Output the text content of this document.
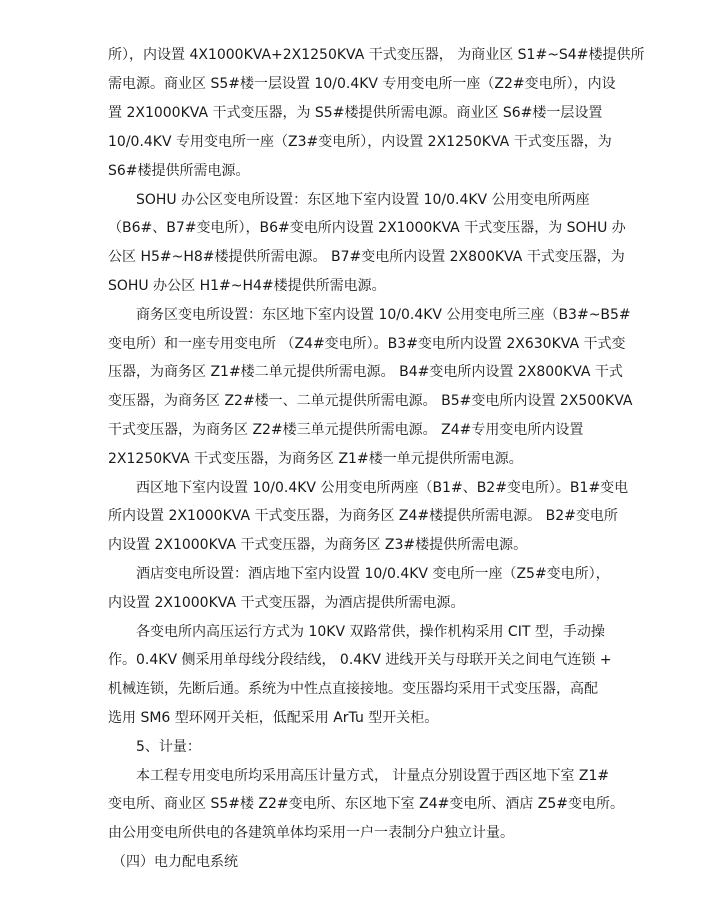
所），内设置 4X1000KVA+2X1250KVA 干式变压器， 为商业区 S1#~S4#楼提供所
需电源。商业区 S5#楼一层设置 10/0.4KV 专用变电所一座（Z2#变电所），内设
置 2X1000KVA 干式变压器，为 S5#楼提供所需电源。商业区 S6#楼一层设置
10/0.4KV 专用变电所一座（Z3#变电所），内设置 2X1250KVA 干式变压器，为
S6#楼提供所需电源。
SOHU 办公区变电所设置：东区地下室内设置 10/0.4KV 公用变电所两座
（B6#、B7#变电所），B6#变电所内设置 2X1000KVA 干式变压器，为 SOHU 办
公区 H5#~H8#楼提供所需电源。 B7#变电所内设置 2X800KVA 干式变压器，为
SOHU 办公区 H1#~H4#楼提供所需电源。
商务区变电所设置：东区地下室内设置 10/0.4KV 公用变电所三座（B3#~B5#
变电所）和一座专用变电所 （Z4#变电所）。B3#变电所内设置 2X630KVA 干式变
压器，为商务区 Z1#楼二单元提供所需电源。 B4#变电所内设置 2X800KVA 干式
变压器，为商务区 Z2#楼一、二单元提供所需电源。 B5#变电所内设置 2X500KVA
干式变压器，为商务区 Z2#楼三单元提供所需电源。 Z4#专用变电所内设置
2X1250KVA 干式变压器，为商务区 Z1#楼一单元提供所需电源。
西区地下室内设置 10/0.4KV 公用变电所两座（B1#、B2#变电所）。B1#变电
所内设置 2X1000KVA 干式变压器，为商务区 Z4#楼提供所需电源。 B2#变电所
内设置 2X1000KVA 干式变压器，为商务区 Z3#楼提供所需电源。
酒店变电所设置：酒店地下室内设置 10/0.4KV 变电所一座（Z5#变电所），
内设置 2X1000KVA 干式变压器，为酒店提供所需电源。
各变电所内高压运行方式为 10KV 双路常供，操作机构采用 CIT 型，手动操
作。0.4KV 侧采用单母线分段结线， 0.4KV 进线开关与母联开关之间电气连锁 +
机械连锁，先断后通。系统为中性点直接接地。变压器均采用干式变压器，高配
选用 SM6 型环网开关柜，低配采用 ArTu 型开关柜。
5、计量：
本工程专用变电所均采用高压计量方式， 计量点分别设置于西区地下室 Z1#
变电所、商业区 S5#楼 Z2#变电所、东区地下室 Z4#变电所、酒店 Z5#变电所。
由公用变电所供电的各建筑单体均采用一户一表制分户独立计量。
（四）电力配电系统
